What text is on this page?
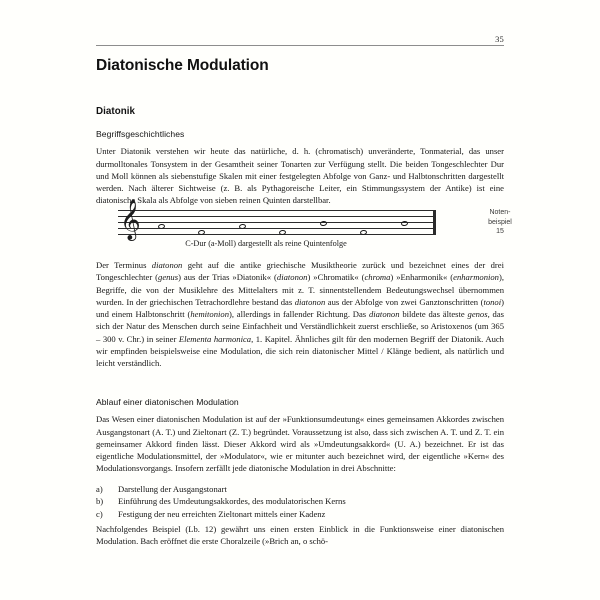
35
Diatonische Modulation
Diatonik
Begriffsgeschichtliches

Unter Diatonik verstehen wir heute das natürliche, d. h. (chromatisch) unveränderte, Tonmaterial, das unser durmolltonales Tonsystem in der Gesamtheit seiner Tonarten zur Verfügung stellt. Die beiden Tongeschlechter Dur und Moll können als siebenstufige Skalen mit einer festgelegten Abfolge von Ganz- und Halbtonschritten dargestellt werden. Nach älterer Sichtweise (z. B. als Pythagoreische Leiter, ein Stimmungssystem der Antike) ist eine diatonische Skala als Abfolge von sieben reinen Quinten darstellbar.

𝄞
C-Dur (a-Moll) dargestellt als reine Quintenfolge
Noten-
beispiel
15

Der Terminus diatonon geht auf die antike griechische Musiktheorie zurück und bezeichnet eines der drei Tongeschlechter (genus) aus der Trias »Diatonik« (diatonon) »Chromatik« (chroma) »Enharmonik« (enharmonion), Begriffe, die von der Musiklehre des Mittelalters mit z. T. sinnentstellendem Bedeutungswechsel übernommen wurden. In der griechischen Tetrachordlehre bestand das diatonon aus der Abfolge von zwei Ganztonschritten (tonoi) und einem Halbtonschritt (hemitonion), allerdings in fallender Richtung. Das diatonon bildete das älteste genos, das sich der Natur des Menschen durch seine Einfachheit und Verständlichkeit zuerst erschließe, so Aristoxenos (um 365 – 300 v. Chr.) in seiner Elementa harmonica, 1. Kapitel. Ähnliches gilt für den modernen Begriff der Diatonik. Auch wir empfinden beispielsweise eine Modulation, die sich rein diatonischer Mittel / Klänge bedient, als natürlich und leicht verständlich.

Ablauf einer diatonischen Modulation

Das Wesen einer diatonischen Modulation ist auf der »Funktionsumdeutung« eines gemeinsamen Akkordes zwischen Ausgangstonart (A. T.) und Zieltonart (Z. T.) begründet. Voraussetzung ist also, dass sich zwischen A. T. und Z. T. ein gemeinsamer Akkord finden lässt. Dieser Akkord wird als »Umdeutungsakkord« (U. A.) bezeichnet. Er ist das eigentliche Modulationsmittel, der »Modulator«, wie er mitunter auch bezeichnet wird, der eigentliche »Kern« des Modulationsvorgangs. Insofern zerfällt jede diatonische Modulation in drei Abschnitte:

a)	Darstellung der Ausgangstonart
b)	Einführung des Umdeutungsakkordes, des modulatorischen Kerns
c)	Festigung der neu erreichten Zieltonart mittels einer Kadenz

Nachfolgendes Beispiel (Lb. 12) gewährt uns einen ersten Einblick in die Funktionsweise einer diatonischen Modulation. Bach eröffnet die erste Choralzeile (»Brich an, o schö-
